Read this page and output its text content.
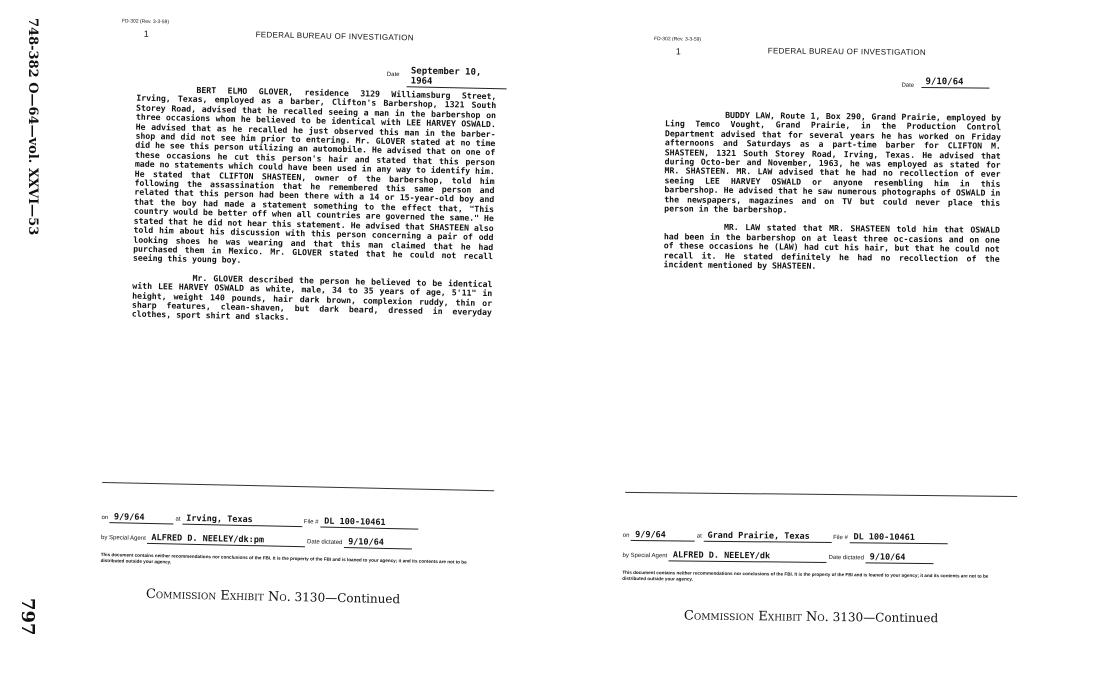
748-382 O—64—vol. XXVI—53
797
FD-302 (Rev. 3-3-59)
1	FEDERAL BUREAU OF INVESTIGATION
Date	September 10, 1964

BERT ELMO GLOVER, residence 3129 Williamsburg Street, Irving, Texas, employed as a barber, Clifton's Barbershop, 1321 South Storey Road, advised that he recalled seeing a man in the barbershop on three occasions whom he believed to be identical with LEE HARVEY OSWALD. He advised that as he recalled he just observed this man in the barber-shop and did not see him prior to entering. Mr. GLOVER stated at no time did he see this person utilizing an automobile. He advised that on one of these occasions he cut this person's hair and stated that this person made no statements which could have been used in any way to identify him. He stated that CLIFTON SHASTEEN, owner of the barbershop, told him following the assassination that he remembered this same person and related that this person had been there with a 14 or 15-year-old boy and that the boy had made a statement something to the effect that, "This country would be better off when all countries are governed the same." He stated that he did not hear this statement. He advised that SHASTEEN also told him about his discussion with this person concerning a pair of odd looking shoes he was wearing and that this man claimed that he had purchased them in Mexico. Mr. GLOVER stated that he could not recall seeing this young boy.

Mr. GLOVER described the person he believed to be identical with LEE HARVEY OSWALD as white, male, 34 to 35 years of age, 5'11" in height, weight 140 pounds, hair dark brown, complexion ruddy, thin or sharp features, clean-shaven, but dark beard, dressed in everyday clothes, sport shirt and slacks.

on 9/9/64	at Irving, Texas	File # DL 100-10461
by Special Agent ALFRED D. NEELEY/dk:pm	Date dictated 9/10/64
This document contains neither recommendations nor conclusions of the FBI. It is the property of the FBI and is loaned to your agency; it and its contents are not to be distributed outside your agency.
Commission Exhibit No. 3130—Continued
FD-302 (Rev. 3-3-59)
1	FEDERAL BUREAU OF INVESTIGATION
Date	9/10/64

BUDDY LAW, Route 1, Box 290, Grand Prairie, employed by Ling Temco Vought, Grand Prairie, in the Production Control Department advised that for several years he has worked on Friday afternoons and Saturdays as a part-time barber for CLIFTON M. SHASTEEN, 1321 South Storey Road, Irving, Texas. He advised that during Octo-ber and November, 1963, he was employed as stated for MR. SHASTEEN. MR. LAW advised that he had no recollection of ever seeing LEE HARVEY OSWALD or anyone resembling him in this barbershop. He advised that he saw numerous photographs of OSWALD in the newspapers, magazines and on TV but could never place this person in the barbershop.

MR. LAW stated that MR. SHASTEEN told him that OSWALD had been in the barbershop on at least three oc-casions and on one of these occasions he (LAW) had cut his hair, but that he could not recall it. He stated definitely he had no recollection of the incident mentioned by SHASTEEN.

on 9/9/64	at Grand Prairie, Texas	File # DL 100-10461
by Special Agent ALFRED D. NEELEY/dk	Date dictated 9/10/64
This document contains neither recommendations nor conclusions of the FBI. It is the property of the FBI and is loaned to your agency; it and its contents are not to be distributed outside your agency.
Commission Exhibit No. 3130—Continued
